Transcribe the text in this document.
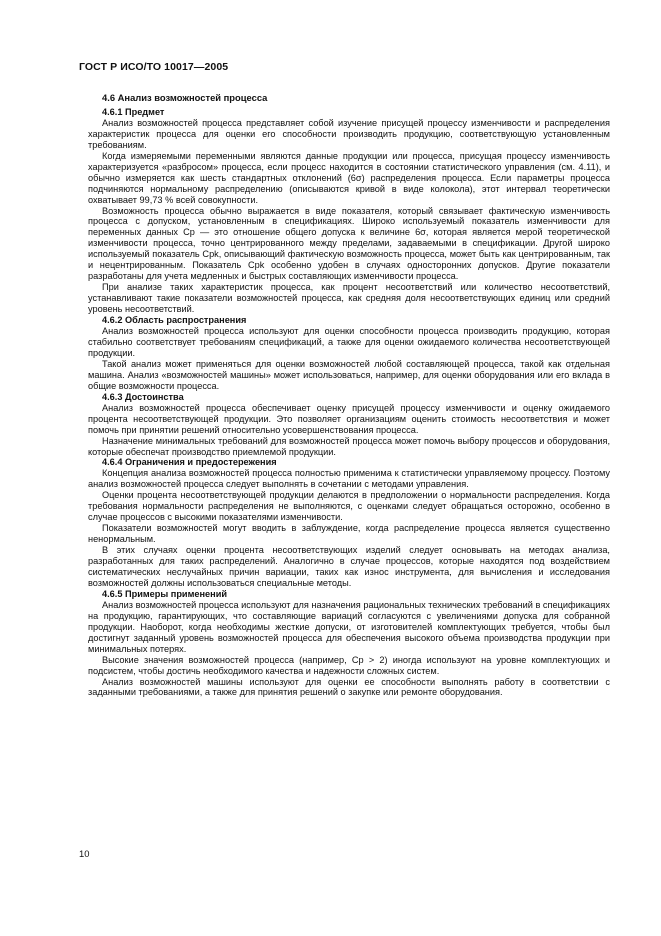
ГОСТ Р ИСО/ТО 10017—2005
4.6 Анализ возможностей процесса
4.6.1 Предмет

Анализ возможностей процесса представляет собой изучение присущей процессу изменчивости и распределения характеристик процесса для оценки его способности производить продукцию, соответствующую установленным требованиям.

Когда измеряемыми переменными являются данные продукции или процесса, присущая процессу изменчивость характеризуется «разбросом» процесса, если процесс находится в состоянии статистического управления (см. 4.11), и обычно измеряется как шесть стандартных отклонений (6σ) распределения процесса. Если параметры процесса подчиняются нормальному распределению (описываются кривой в виде колокола), этот интервал теоретически охватывает 99,73 % всей совокупности.

Возможность процесса обычно выражается в виде показателя, который связывает фактическую изменчивость процесса с допуском, установленным в спецификациях. Широко используемый показатель изменчивости для переменных данных Cp — это отношение общего допуска к величине 6σ, которая является мерой теоретической изменчивости процесса, точно центрированного между пределами, задаваемыми в спецификации. Другой широко используемый показатель Cpk, описывающий фактическую возможность процесса, может быть как центрированным, так и нецентрированным. Показатель Cpk особенно удобен в случаях односторонних допусков. Другие показатели разработаны для учета медленных и быстрых составляющих изменчивости процесса.

При анализе таких характеристик процесса, как процент несоответствий или количество несоответствий, устанавливают такие показатели возможностей процесса, как средняя доля несоответствующих единиц или средний уровень несоответствий.

4.6.2 Область распространения

Анализ возможностей процесса используют для оценки способности процесса производить продукцию, которая стабильно соответствует требованиям спецификаций, а также для оценки ожидаемого количества несоответствующей продукции.

Такой анализ может применяться для оценки возможностей любой составляющей процесса, такой как отдельная машина. Анализ «возможностей машины» может использоваться, например, для оценки оборудования или его вклада в общие возможности процесса.

4.6.3 Достоинства

Анализ возможностей процесса обеспечивает оценку присущей процессу изменчивости и оценку ожидаемого процента несоответствующей продукции. Это позволяет организациям оценить стоимость несоответствия и может помочь при принятии решений относительно усовершенствования процесса.

Назначение минимальных требований для возможностей процесса может помочь выбору процессов и оборудования, которые обеспечат производство приемлемой продукции.

4.6.4 Ограничения и предостережения

Концепция анализа возможностей процесса полностью применима к статистически управляемому процессу. Поэтому анализ возможностей процесса следует выполнять в сочетании с методами управления.

Оценки процента несоответствующей продукции делаются в предположении о нормальности распределения. Когда требования нормальности распределения не выполняются, с оценками следует обращаться осторожно, особенно в случае процессов с высокими показателями изменчивости.

Показатели возможностей могут вводить в заблуждение, когда распределение процесса является существенно ненормальным.

В этих случаях оценки процента несоответствующих изделий следует основывать на методах анализа, разработанных для таких распределений. Аналогично в случае процессов, которые находятся под воздействием систематических неслучайных причин вариации, таких как износ инструмента, для вычисления и исследования возможностей должны использоваться специальные методы.

4.6.5 Примеры применений

Анализ возможностей процесса используют для назначения рациональных технических требований в спецификациях на продукцию, гарантирующих, что составляющие вариаций согласуются с увеличениями допуска для собранной продукции. Наоборот, когда необходимы жесткие допуски, от изготовителей комплектующих требуется, чтобы был достигнут заданный уровень возможностей процесса для обеспечения высокого объема производства продукции при минимальных потерях.

Высокие значения возможностей процесса (например, Cp > 2) иногда используют на уровне комплектующих и подсистем, чтобы достичь необходимого качества и надежности сложных систем.

Анализ возможностей машины используют для оценки ее способности выполнять работу в соответствии с заданными требованиями, а также для принятия решений о закупке или ремонте оборудования.

10
